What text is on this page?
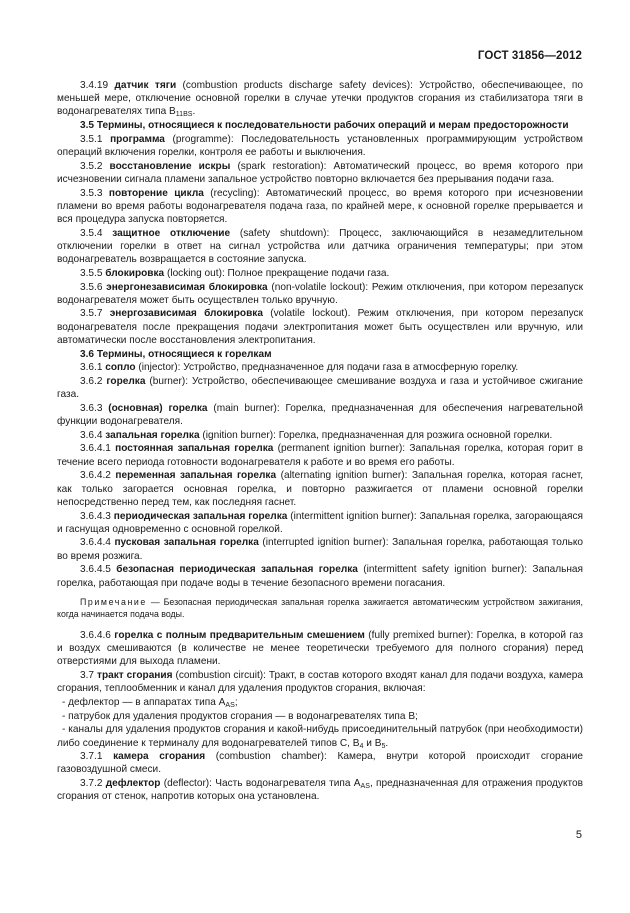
ГОСТ 31856—2012
3.4.19 датчик тяги (combustion products discharge safety devices): Устройство, обеспечивающее, по меньшей мере, отключение основной горелки в случае утечки продуктов сгорания из стабилизатора тяги в водонагревателях типа $B_{11BS}$.
3.5 Термины, относящиеся к последовательности рабочих операций и мерам предосторожности
3.5.1 программа (programme): Последовательность установленных программирующим устройством операций включения горелки, контроля ее работы и выключения.
3.5.2 восстановление искры (spark restoration): Автоматический процесс, во время которого при исчезновении сигнала пламени запальное устройство повторно включается без прерывания подачи газа.
3.5.3 повторение цикла (recycling): Автоматический процесс, во время которого при исчезновении пламени во время работы водонагревателя подача газа, по крайней мере, к основной горелке прерывается и вся процедура запуска повторяется.
3.5.4 защитное отключение (safety shutdown): Процесс, заключающийся в незамедлительном отключении горелки в ответ на сигнал устройства или датчика ограничения температуры; при этом водонагреватель возвращается в состояние запуска.
3.5.5 блокировка (locking out): Полное прекращение подачи газа.
3.5.6 энергонезависимая блокировка (non-volatile lockout): Режим отключения, при котором перезапуск водонагревателя может быть осуществлен только вручную.
3.5.7 энергозависимая блокировка (volatile lockout). Режим отключения, при котором перезапуск водонагревателя после прекращения подачи электропитания может быть осуществлен или вручную, или автоматически после восстановления электропитания.
3.6 Термины, относящиеся к горелкам
3.6.1 сопло (injector): Устройство, предназначенное для подачи газа в атмосферную горелку.
3.6.2 горелка (burner): Устройство, обеспечивающее смешивание воздуха и газа и устойчивое сжигание газа.
3.6.3 (основная) горелка (main burner): Горелка, предназначенная для обеспечения нагревательной функции водонагревателя.
3.6.4 запальная горелка (ignition burner): Горелка, предназначенная для розжига основной горелки.
3.6.4.1 постоянная запальная горелка (permanent ignition burner): Запальная горелка, которая горит в течение всего периода готовности водонагревателя к работе и во время его работы.
3.6.4.2 переменная запальная горелка (alternating ignition burner): Запальная горелка, которая гаснет, как только загорается основная горелка, и повторно разжигается от пламени основной горелки непосредственно перед тем, как последняя гаснет.
3.6.4.3 периодическая запальная горелка (intermittent ignition burner): Запальная горелка, загорающаяся и гаснущая одновременно с основной горелкой.
3.6.4.4 пусковая запальная горелка (interrupted ignition burner): Запальная горелка, работающая только во время розжига.
3.6.4.5 безопасная периодическая запальная горелка (intermittent safety ignition burner): Запальная горелка, работающая при подаче воды в течение безопасного времени погасания.
Примечание — Безопасная периодическая запальная горелка зажигается автоматическим устройством зажигания, когда начинается подача воды.
3.6.4.6 горелка с полным предварительным смешением (fully premixed burner): Горелка, в которой газ и воздух смешиваются (в количестве не менее теоретически требуемого для полного сгорания) перед отверстиями для выхода пламени.
3.7 тракт сгорания (combustion circuit): Тракт, в состав которого входят канал для подачи воздуха, камера сгорания, теплообменник и канал для удаления продуктов сгорания, включая:
- дефлектор — в аппаратах типа $A_{AS}$;
- патрубок для удаления продуктов сгорания — в водонагревателях типа В;
- каналы для удаления продуктов сгорания и какой-нибудь присоединительный патрубок (при необходимости) либо соединение к терминалу для водонагревателей типов С, $В_4$ и $В_5$.
3.7.1 камера сгорания (combustion chamber): Камера, внутри которой происходит сгорание газовоздушной смеси.
3.7.2 дефлектор (deflector): Часть водонагревателя типа $A_{AS}$, предназначенная для отражения продуктов сгорания от стенок, напротив которых она установлена.
5
